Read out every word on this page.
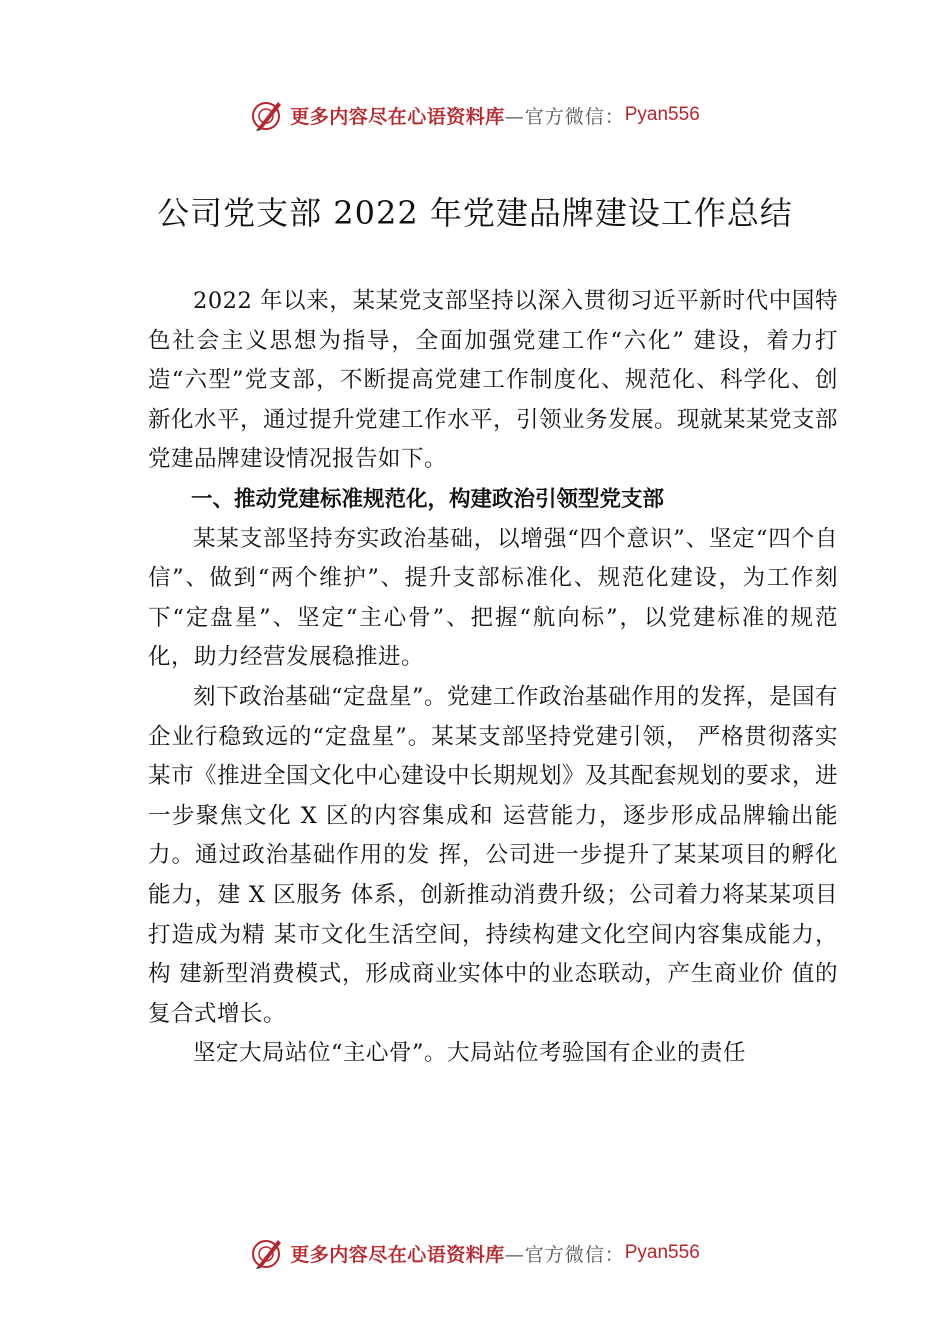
更多内容尽在心语资料库 —官方微信： Pyan556
公司党支部 2022 年党建品牌建设工作总结

2022 年以来，某某党支部坚持以深入贯彻习近平新时代中国特色社会主义思想为指导，全面加强党建工作“六化” 建设，着力打造“六型”党支部，不断提高党建工作制度化、规范化、科学化、创新化水平，通过提升党建工作水平，引领业务发展。现就某某党支部党建品牌建设情况报告如下。

一、推动党建标准规范化，构建政治引领型党支部

某某支部坚持夯实政治基础，以增强“四个意识”、坚定“四个自信”、做到“两个维护”、提升支部标准化、规范化建设，为工作刻下“定盘星”、坚定“主心骨”、把握“航向标”，以党建标准的规范化，助力经营发展稳推进。

刻下政治基础“定盘星”。党建工作政治基础作用的发挥，是国有企业行稳致远的“定盘星”。某某支部坚持党建引领， 严格贯彻落实某市《推进全国文化中心建设中长期规划》及其配套规划的要求，进一步聚焦文化 X 区的内容集成和 运营能力，逐步形成品牌输出能力。通过政治基础作用的发 挥，公司进一步提升了某某项目的孵化能力，建 X 区服务 体系，创新推动消费升级；公司着力将某某项目打造成为精 某市文化生活空间，持续构建文化空间内容集成能力，构 建新型消费模式，形成商业实体中的业态联动，产生商业价 值的复合式增长。

坚定大局站位“主心骨”。大局站位考验国有企业的责任

更多内容尽在心语资料库 —官方微信： Pyan556
